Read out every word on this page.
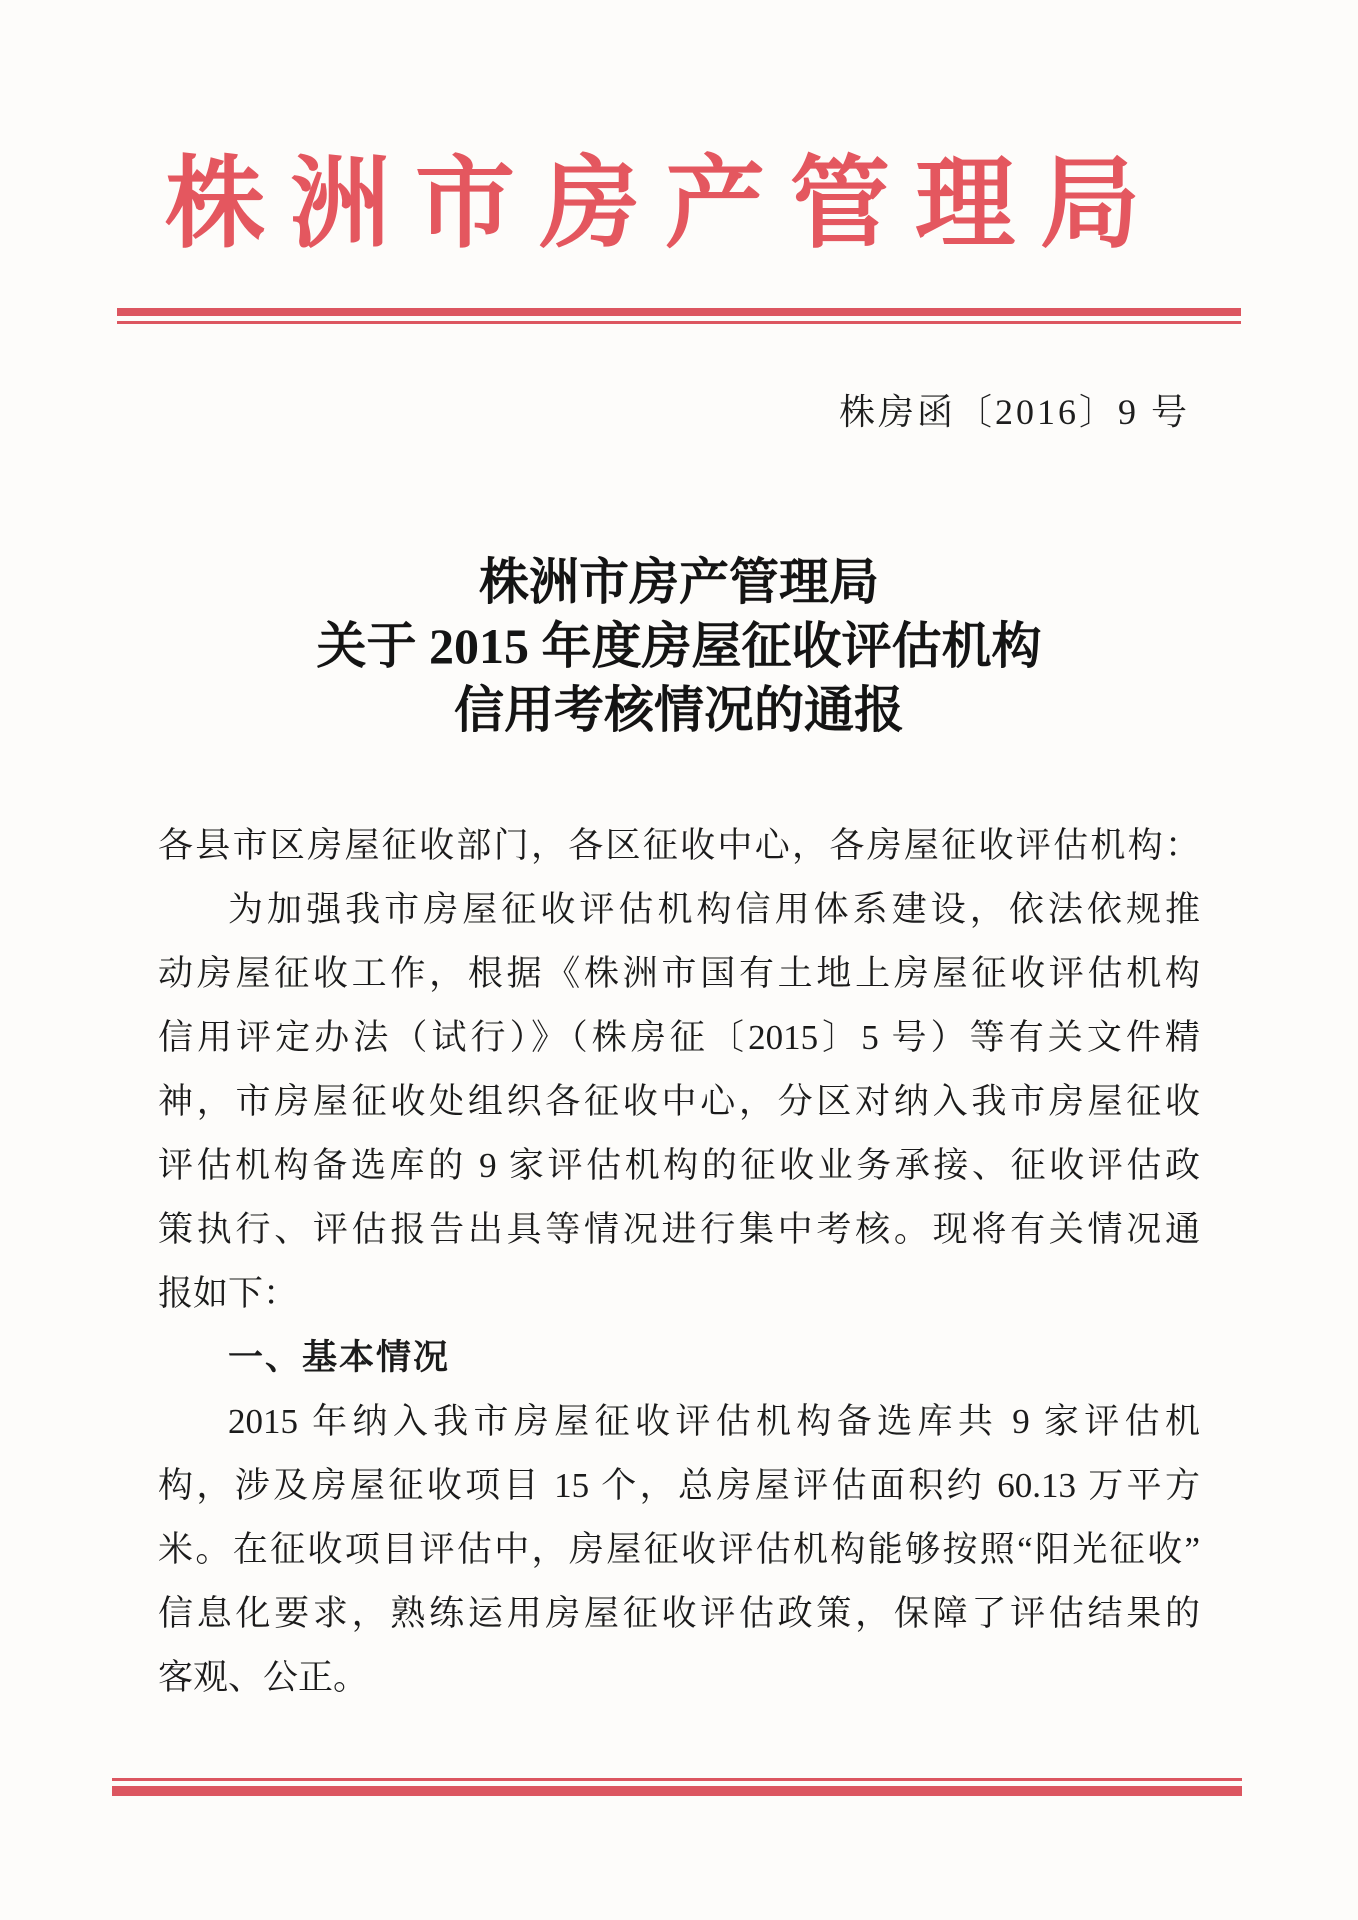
株洲市房产管理局
株房函〔2016〕9 号
株洲市房产管理局
关于 2015 年度房屋征收评估机构
信用考核情况的通报
各县市区房屋征收部门，各区征收中心，各房屋征收评估机构：
为加强我市房屋征收评估机构信用体系建设，依法依规推
动房屋征收工作，根据《株洲市国有土地上房屋征收评估机构
信用评定办法（试行）》（株房征〔2015〕5 号）等有关文件精
神，市房屋征收处组织各征收中心，分区对纳入我市房屋征收
评估机构备选库的 9 家评估机构的征收业务承接、征收评估政
策执行、评估报告出具等情况进行集中考核。现将有关情况通
报如下：
一、基本情况
2015 年纳入我市房屋征收评估机构备选库共 9 家评估机
构，涉及房屋征收项目 15 个，总房屋评估面积约 60.13 万平方
米。在征收项目评估中，房屋征收评估机构能够按照“阳光征收”
信息化要求，熟练运用房屋征收评估政策，保障了评估结果的
客观、公正。
